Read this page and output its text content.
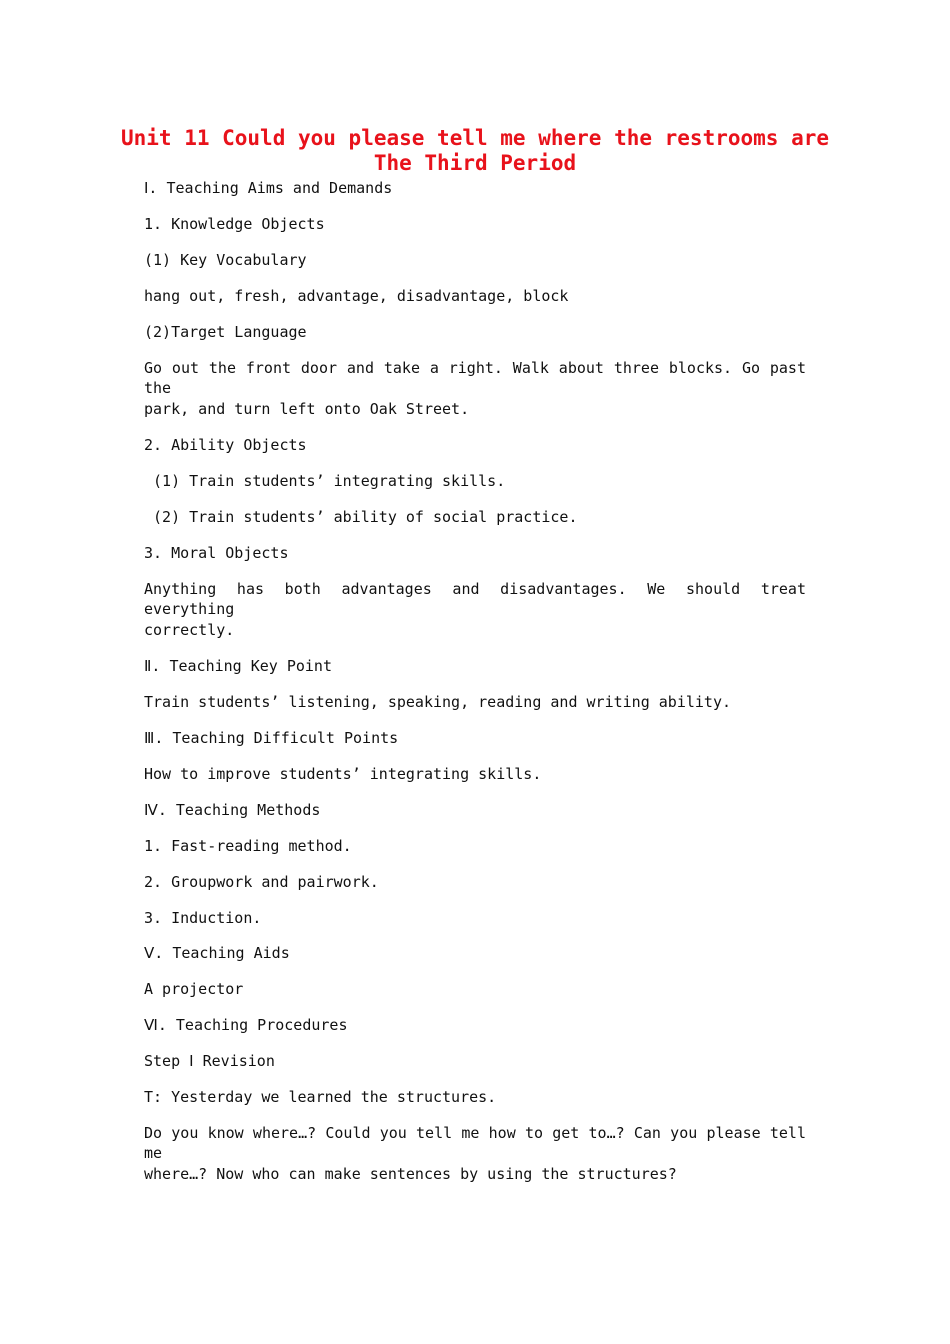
Unit 11 Could you please tell me where the restrooms are
The Third Period

Ⅰ. Teaching Aims and Demands

1. Knowledge Objects

(1) Key Vocabulary

hang out, fresh, advantage, disadvantage, block

(2)Target Language

Go out the front door and take a right. Walk about three blocks. Go past the

park, and turn left onto Oak Street.

2. Ability Objects

(1) Train students’ integrating skills.

(2) Train students’ ability of social practice.

3. Moral Objects

Anything has both advantages and disadvantages. We should treat everything

correctly.

Ⅱ. Teaching Key Point

Train students’ listening, speaking, reading and writing ability.

Ⅲ. Teaching Difficult Points

How to improve students’ integrating skills.

Ⅳ. Teaching Methods

1. Fast-reading method.

2. Groupwork and pairwork.

3. Induction.

Ⅴ. Teaching Aids

A projector

Ⅵ. Teaching Procedures

Step Ⅰ Revision

T: Yesterday we learned the structures.

Do you know where…? Could you tell me how to get to…? Can you please tell me

where…? Now who can make sentences by using the structures?
